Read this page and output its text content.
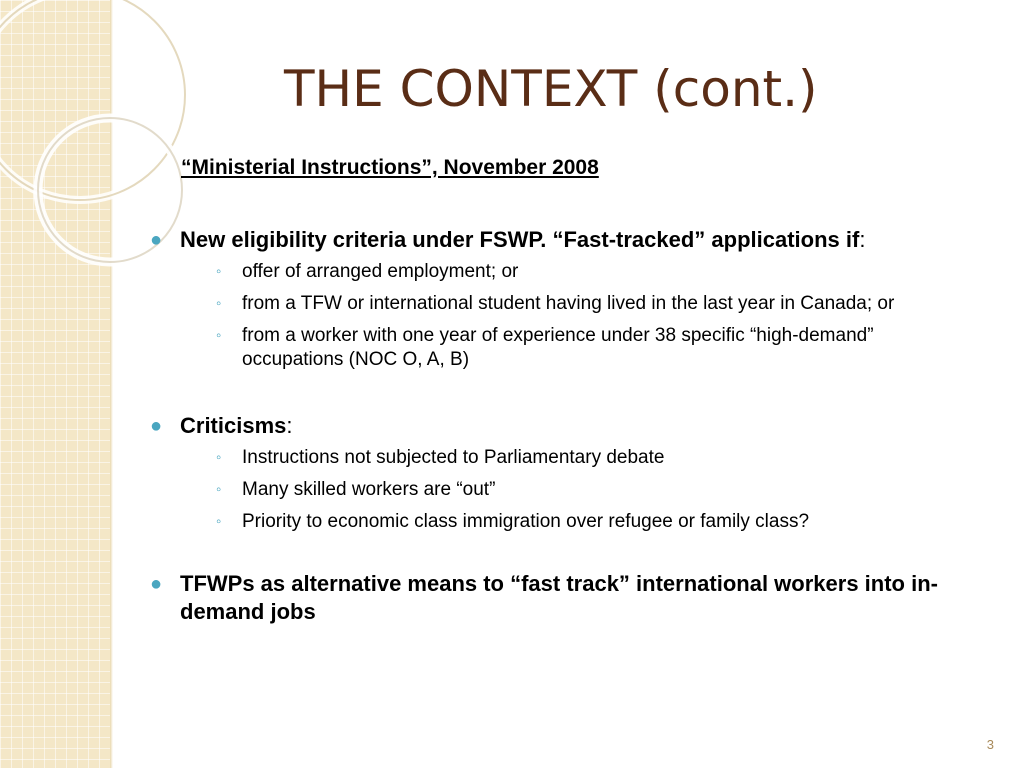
THE CONTEXT (cont.)

“Ministerial Instructions”, November 2008

● New eligibility criteria under FSWP. “Fast-tracked” applications if:
◦ offer of arranged employment; or
◦ from a TFW or international student having lived in the last year in Canada; or
◦ from a worker with one year of experience under 38 specific “high-demand” occupations (NOC O, A, B)
● Criticisms:
◦ Instructions not subjected to Parliamentary debate
◦ Many skilled workers are “out”
◦ Priority to economic class immigration over refugee or family class?
● TFWPs as alternative means to “fast track” international workers into in-demand jobs
3
